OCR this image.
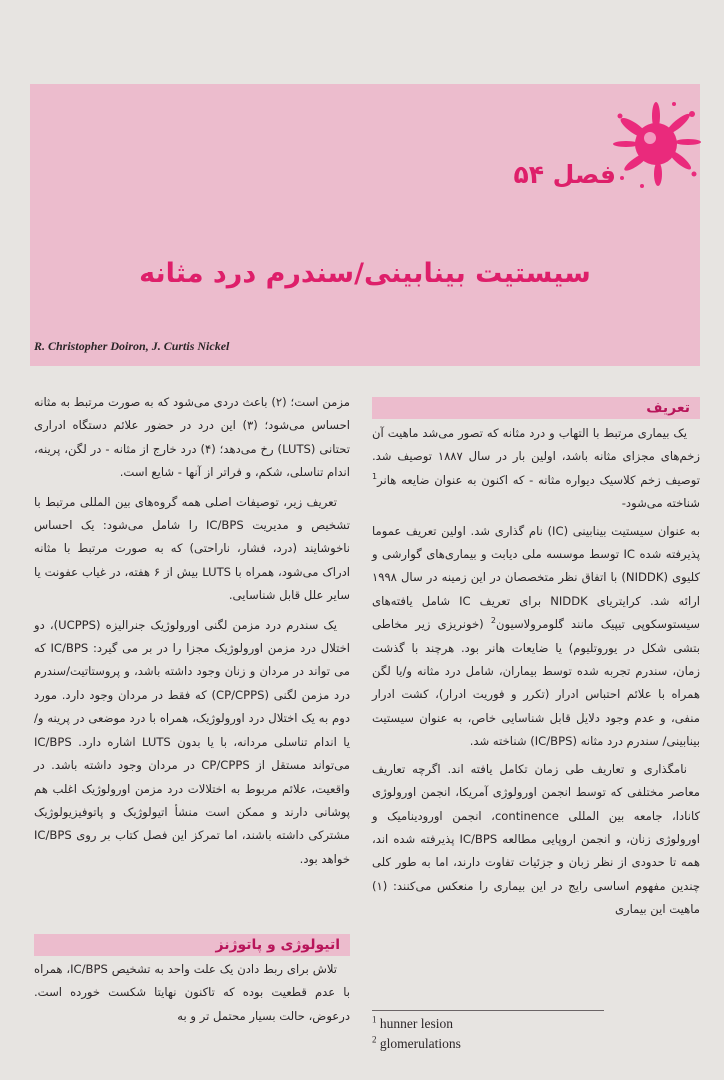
فصل ۵۴
سیستیت بینابینی/سندرم درد مثانه
R. Christopher Doiron, J. Curtis Nickel
تعریف

یک بیماری مرتبط با التهاب و درد مثانه که تصور می‌شد ماهیت آن زخم‌های مجزای مثانه باشد، اولین بار در سال ۱۸۸۷ توصیف شد. توصیف زخم کلاسیک دیواره مثانه - که اکنون به عنوان ضایعه هانر$^1$ شناخته می‌شود-

به عنوان سیستیت بینابینی (IC) نام گذاری شد. اولین تعریف عموما پذیرفته شده IC توسط موسسه ملی دیابت و بیماری‌های گوارشی و کلیوی (NIDDK) با اتفاق نظر متخصصان در این زمینه در سال ۱۹۹۸ ارائه شد. کرایتریای NIDDK برای تعریف IC شامل یافته‌های سیستوسکوپی تیپیک مانند گلومرولاسیون$^2$ (خونریزی زیر مخاطی بتشی شکل در یوروتلیوم) یا ضایعات هانر بود. هرچند با گذشت زمان، سندرم تجربه شده توسط بیماران، شامل درد مثانه و/یا لگن همراه با علائم احتباس ادرار (تکرر و فوریت ادرار)، کشت ادرار منفی، و عدم وجود دلایل قابل شناسایی خاص، به عنوان سیستیت بینابینی/ سندرم درد مثانه (IC/BPS) شناخته شد.

نامگذاری و تعاریف طی زمان تکامل یافته اند. اگرچه تعاریف معاصر مختلفی که توسط انجمن اورولوژی آمریکا، انجمن اورولوژی کانادا، جامعه بین المللی continence، انجمن اورودینامیک و اورولوژی زنان، و انجمن اروپایی مطالعه IC/BPS پذیرفته شده اند، همه تا حدودی از نظر زبان و جزئیات تفاوت دارند، اما به طور کلی چندین مفهوم اساسی رایج در این بیماری را منعکس می‌کنند: (۱) ماهیت این بیماری

مزمن است؛ (۲) باعث دردی می‌شود که به صورت مرتبط به مثانه احساس می‌شود؛ (۳) این درد در حضور علائم دستگاه ادراری تحتانی (LUTS) رخ می‌دهد؛ (۴) درد خارج از مثانه - در لگن، پرینه، اندام تناسلی، شکم، و فراتر از آنها - شایع است.

تعریف زیر، توصیفات اصلی همه گروه‌های بین المللی مرتبط با تشخیص و مدیریت IC/BPS را شامل می‌شود: یک احساس ناخوشایند (درد، فشار، ناراحتی) که به صورت مرتبط با مثانه ادراک می‌شود، همراه با LUTS بیش از ۶ هفته، در غیاب عفونت یا سایر علل قابل شناسایی.

یک سندرم درد مزمن لگنی اورولوژیک جنرالیزه (UCPPS)، دو اختلال درد مزمن اورولوژیک مجزا را در بر می گیرد: IC/BPS که می تواند در مردان و زنان وجود داشته باشد، و پروستاتیت/سندرم درد مزمن لگنی (CP/CPPS) که فقط در مردان وجود دارد. مورد دوم به یک اختلال درد اورولوژیک، همراه با درد موضعی در پرینه و/یا اندام تناسلی مردانه، با یا بدون LUTS اشاره دارد. IC/BPS می‌تواند مستقل از CP/CPPS در مردان وجود داشته باشد. در واقعیت، علائم مربوط به اختلالات درد مزمن اورولوژیک اغلب هم پوشانی دارند و ممکن است منشأ اتیولوژیک و پاتوفیزیولوژیک مشترکی داشته باشند، اما تمرکز این فصل کتاب بر روی IC/BPS خواهد بود.

اتیولوژی و پاتوژنز

تلاش برای ربط دادن یک علت واحد به تشخیص IC/BPS، همراه با عدم قطعیت بوده که تاکنون نهایتا شکست خورده است. درعوض، حالت بسیار محتمل تر و به $^1$ hunner lesion
$^2$ glomerulations
